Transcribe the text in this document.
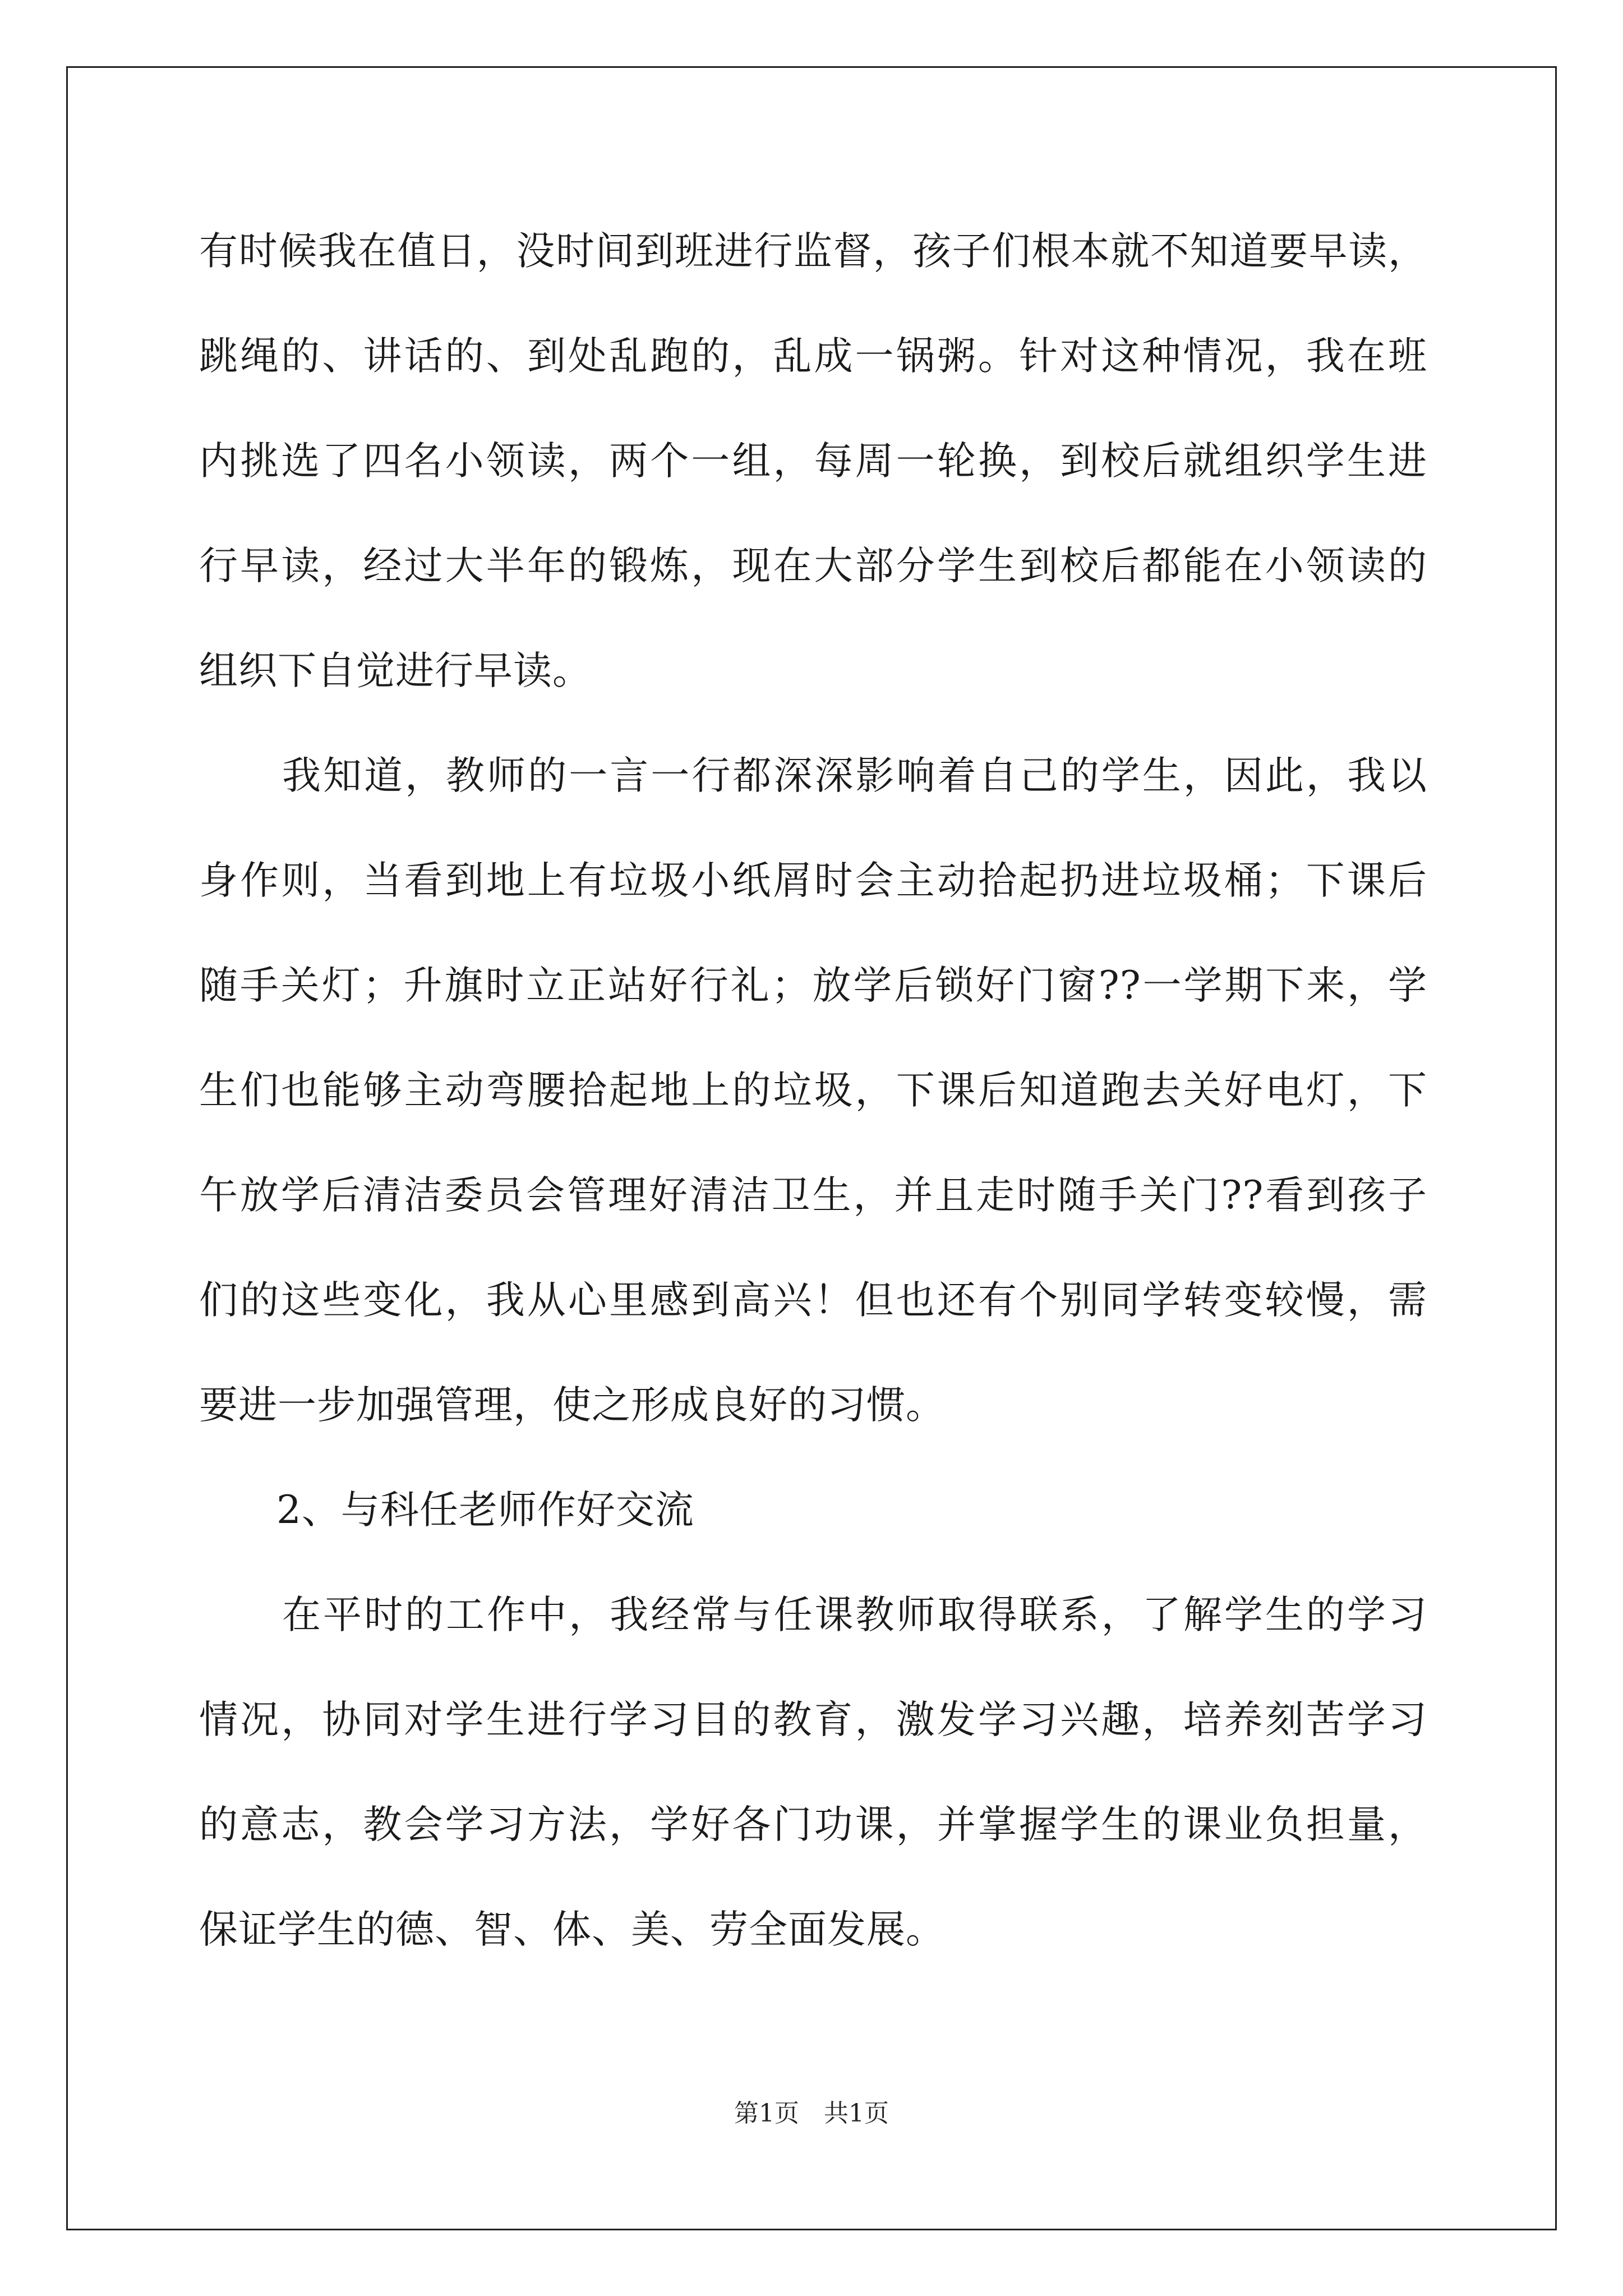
有时候我在值日，没时间到班进行监督，孩子们根本就不知道要早读，
跳绳的、讲话的、到处乱跑的，乱成一锅粥。针对这种情况，我在班
内挑选了四名小领读，两个一组，每周一轮换，到校后就组织学生进
行早读，经过大半年的锻炼，现在大部分学生到校后都能在小领读的
组织下自觉进行早读。
我知道，教师的一言一行都深深影响着自己的学生，因此，我以
身作则，当看到地上有垃圾小纸屑时会主动拾起扔进垃圾桶；下课后
随手关灯；升旗时立正站好行礼；放学后锁好门窗??一学期下来，学
生们也能够主动弯腰拾起地上的垃圾，下课后知道跑去关好电灯，下
午放学后清洁委员会管理好清洁卫生，并且走时随手关门??看到孩子
们的这些变化，我从心里感到高兴！但也还有个别同学转变较慢，需
要进一步加强管理，使之形成良好的习惯。
2、与科任老师作好交流
在平时的工作中，我经常与任课教师取得联系，了解学生的学习
情况，协同对学生进行学习目的教育，激发学习兴趣，培养刻苦学习
的意志，教会学习方法，学好各门功课，并掌握学生的课业负担量，
保证学生的德、智、体、美、劳全面发展。
第1页 共1页
